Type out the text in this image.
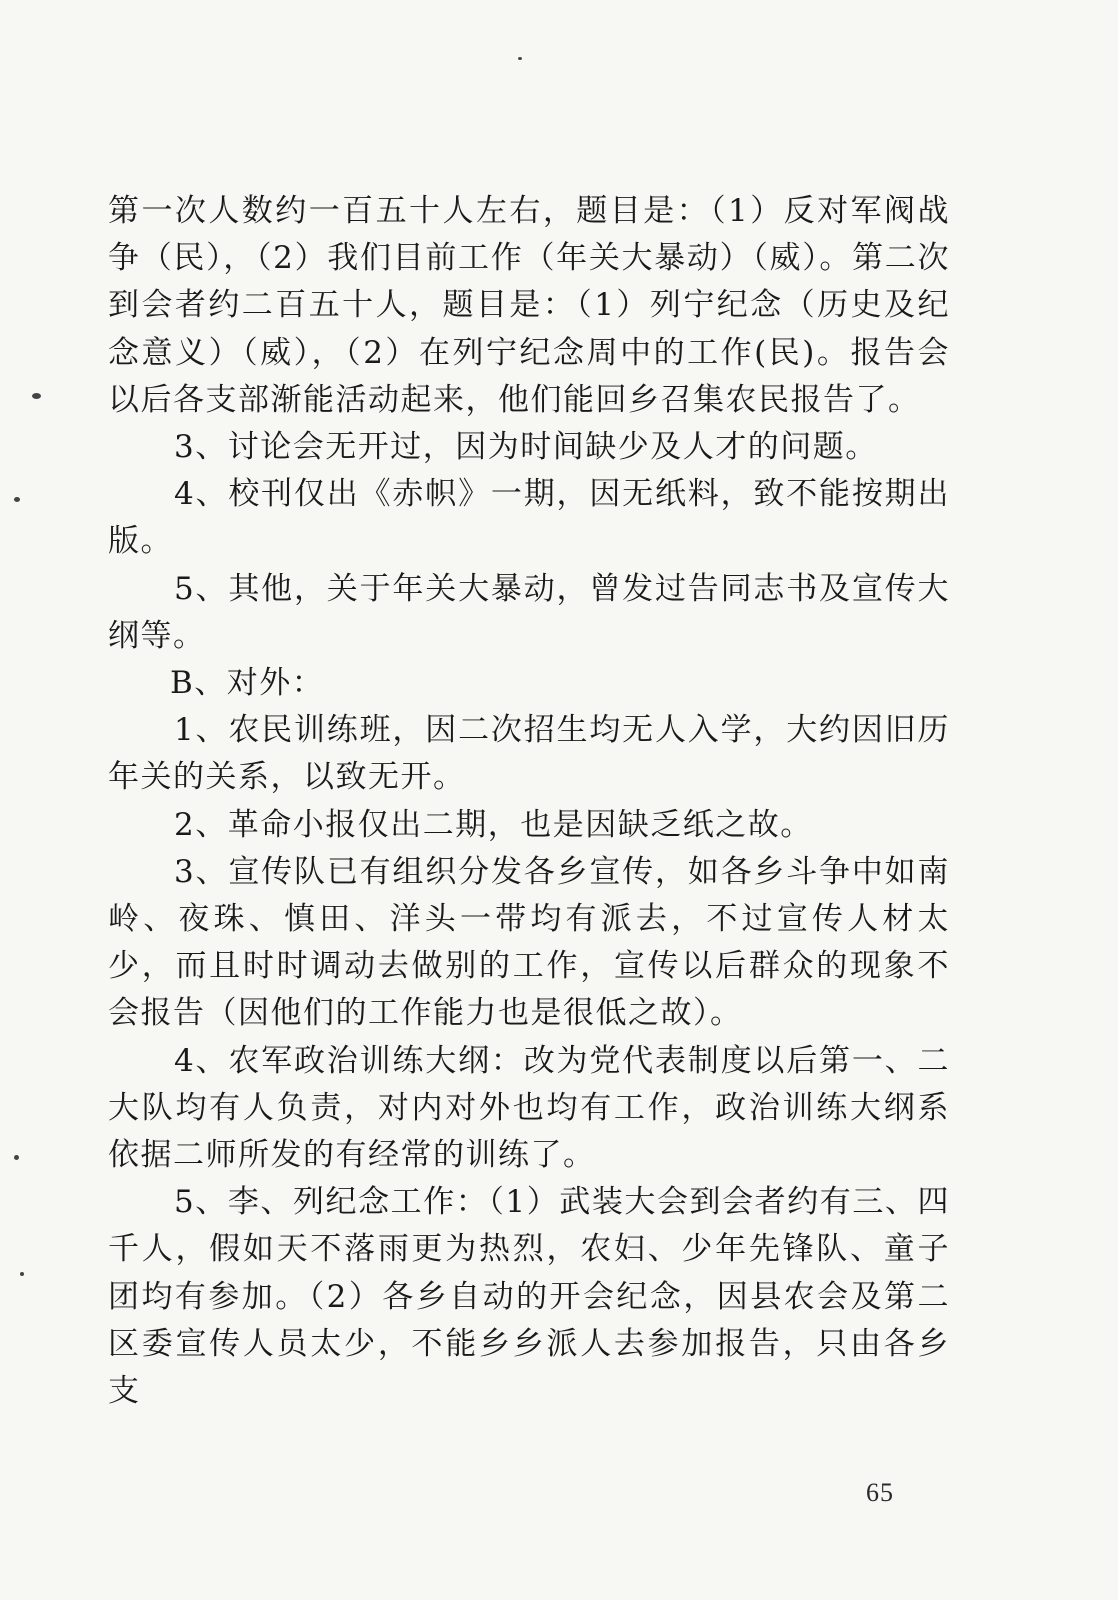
第一次人数约一百五十人左右，题目是：（1）反对军阀战争（民），（2）我们目前工作（年关大暴动）（威）。第二次到会者约二百五十人，题目是：（1）列宁纪念（历史及纪念意义）（威），（2）在列宁纪念周中的工作(民)。报告会以后各支部渐能活动起来，他们能回乡召集农民报告了。

3、讨论会无开过，因为时间缺少及人才的问题。

4、校刊仅出《赤帜》一期，因无纸料，致不能按期出版。

5、其他，关于年关大暴动，曾发过告同志书及宣传大纲等。

B、对外：

1、农民训练班，因二次招生均无人入学，大约因旧历年关的关系，以致无开。

2、革命小报仅出二期，也是因缺乏纸之故。

3、宣传队已有组织分发各乡宣传，如各乡斗争中如南岭、夜珠、慎田、洋头一带均有派去，不过宣传人材太少，而且时时调动去做别的工作，宣传以后群众的现象不会报告（因他们的工作能力也是很低之故）。

4、农军政治训练大纲：改为党代表制度以后第一、二大队均有人负责，对内对外也均有工作，政治训练大纲系依据二师所发的有经常的训练了。

5、李、列纪念工作：（1）武装大会到会者约有三、四千人，假如天不落雨更为热烈，农妇、少年先锋队、童子团均有参加。（2）各乡自动的开会纪念，因县农会及第二区委宣传人员太少，不能乡乡派人去参加报告，只由各乡支

65
